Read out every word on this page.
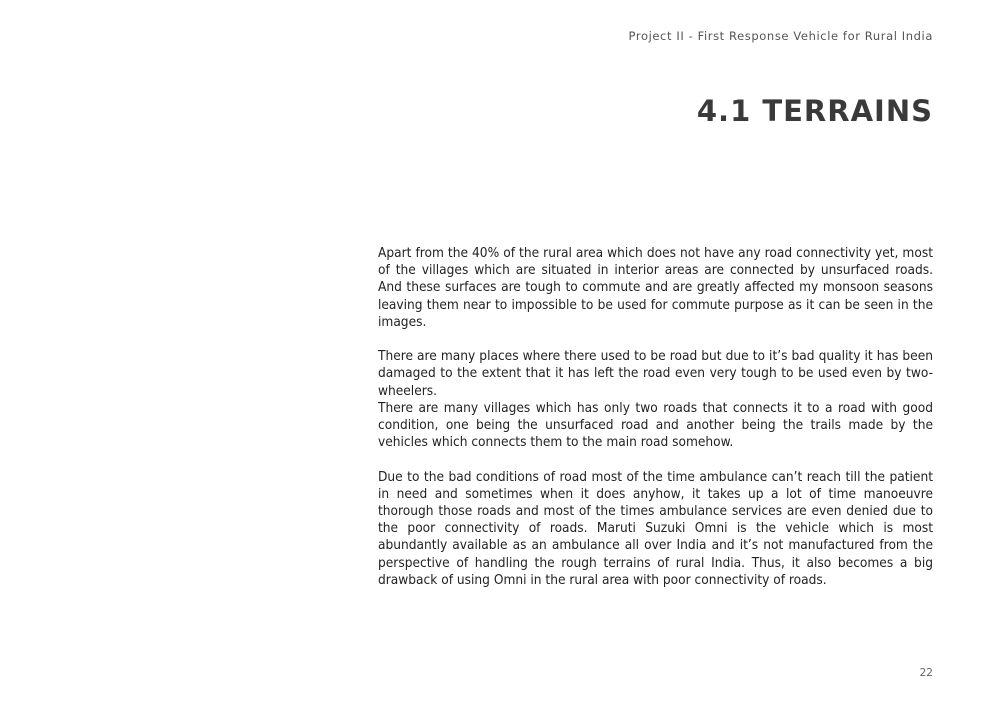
Project II - First Response Vehicle for Rural India
4.1 TERRAINS

Apart from the 40% of the rural area which does not have any road connectivity yet, most of the villages which are situated in interior areas are connected by unsurfaced roads. And these surfaces are tough to commute and are greatly affected my monsoon seasons leaving them near to impossible to be used for commute purpose as it can be seen in the images.

There are many places where there used to be road but due to it’s bad quality it has been damaged to the extent that it has left the road even very tough to be used even by two-wheelers.

There are many villages which has only two roads that connects it to a road with good condition, one being the unsurfaced road and another being the trails made by the vehicles which connects them to the main road somehow.

Due to the bad conditions of road most of the time ambulance can’t reach till the patient in need and sometimes when it does anyhow, it takes up a lot of time manoeuvre thorough those roads and most of the times ambulance services are even denied due to the poor connectivity of roads. Maruti Suzuki Omni is the vehicle which is most abundantly available as an ambulance all over India and it’s not manufactured from the perspective of handling the rough terrains of rural India. Thus, it also becomes a big drawback of using Omni in the rural area with poor connectivity of roads.

22
